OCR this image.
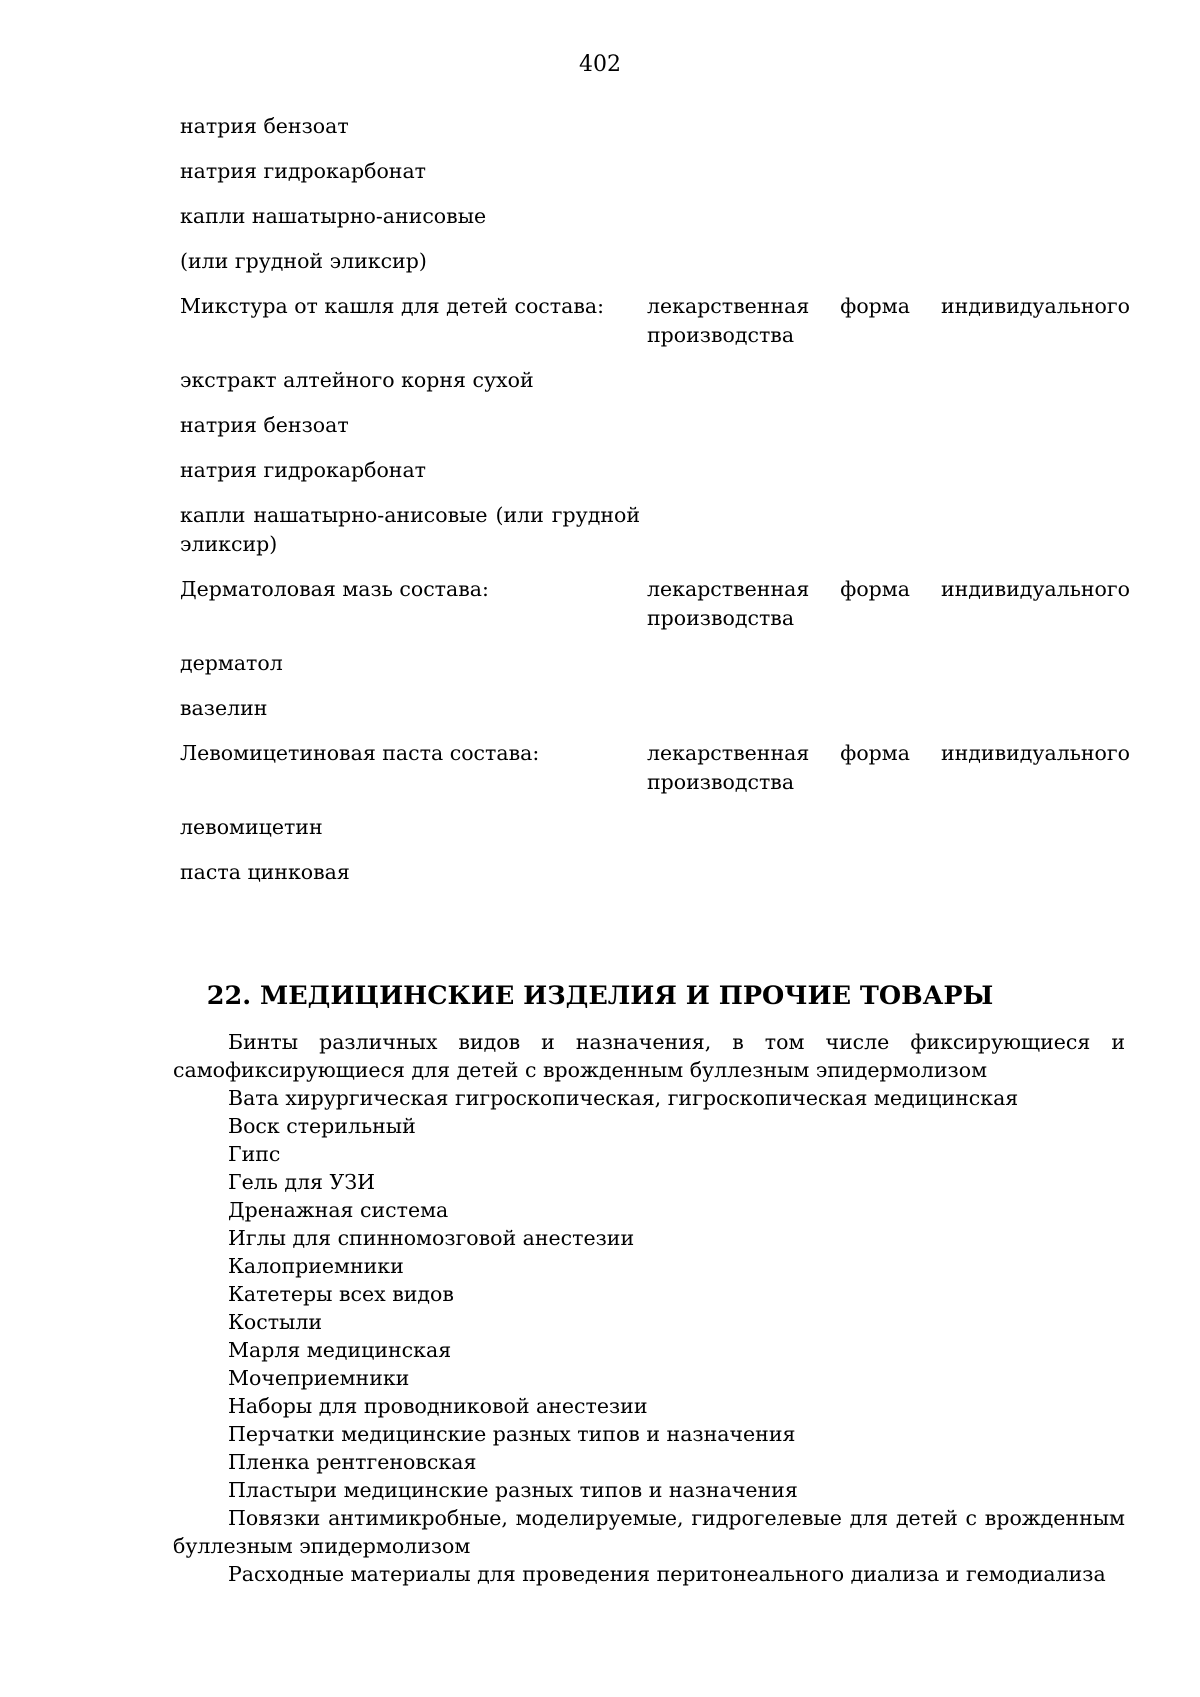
402
натрия бензоат
натрия гидрокарбонат
капли нашатырно-анисовые
(или грудной эликсир)
Микстура от кашля для детей состава:	лекарственная форма индивидуального
производства
экстракт алтейного корня сухой
натрия бензоат
натрия гидрокарбонат
капли нашатырно-анисовые (или грудной эликсир)
Дерматоловая мазь состава:	лекарственная форма индивидуального
производства
дерматол
вазелин
Левомицетиновая паста состава:	лекарственная форма индивидуального
производства
левомицетин
паста цинковая
22. МЕДИЦИНСКИЕ ИЗДЕЛИЯ И ПРОЧИЕ ТОВАРЫ
Бинты различных видов и назначения, в том числе фиксирующиеся и самофиксирующиеся для детей с врожденным буллезным эпидермолизом
Вата хирургическая гигроскопическая, гигроскопическая медицинская
Воск стерильный
Гипс
Гель для УЗИ
Дренажная система
Иглы для спинномозговой анестезии
Калоприемники
Катетеры всех видов
Костыли
Марля медицинская
Мочеприемники
Наборы для проводниковой анестезии
Перчатки медицинские разных типов и назначения
Пленка рентгеновская
Пластыри медицинские разных типов и назначения
Повязки антимикробные, моделируемые, гидрогелевые для детей с врожденным буллезным эпидермолизом
Расходные материалы для проведения перитонеального диализа и гемодиализа
